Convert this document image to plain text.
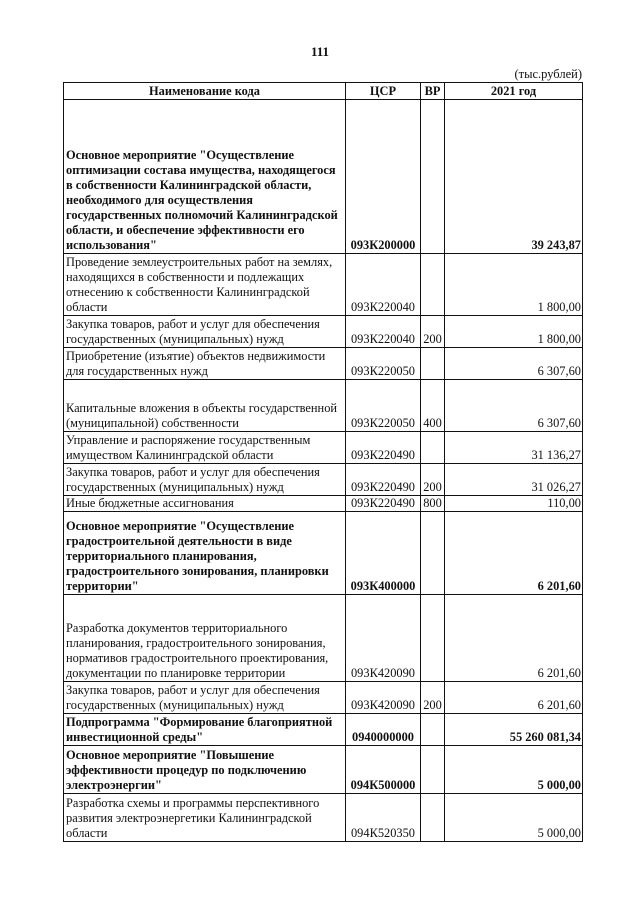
111
(тыс.рублей)
Наименование кода	ЦСР	ВР	2021 год
Основное мероприятие "Осуществление оптимизации состава имущества, находящегося в собственности Калининградской области, необходимого для осуществления государственных полномочий Калининградской области, и обеспечение эффективности его использования"	093К200000		39 243,87
Проведение землеустроительных работ на землях, находящихся в собственности и подлежащих отнесению к собственности Калининградской области	093К220040		1 800,00
Закупка товаров, работ и услуг для обеспечения государственных (муниципальных) нужд	093К220040	200	1 800,00
Приобретение (изъятие) объектов недвижимости для государственных нужд	093К220050		6 307,60
Капитальные вложения в объекты государственной (муниципальной) собственности	093К220050	400	6 307,60
Управление и распоряжение государственным имуществом Калининградской области	093К220490		31 136,27
Закупка товаров, работ и услуг для обеспечения государственных (муниципальных) нужд	093К220490	200	31 026,27
Иные бюджетные ассигнования	093К220490	800	110,00
Основное мероприятие "Осуществление градостроительной деятельности в виде территориального планирования, градостроительного зонирования, планировки территории"	093К400000		6 201,60
Разработка документов территориального планирования, градостроительного зонирования, нормативов градостроительного проектирования, документации по планировке территории	093К420090		6 201,60
Закупка товаров, работ и услуг для обеспечения государственных (муниципальных) нужд	093К420090	200	6 201,60
Подпрограмма "Формирование благоприятной инвестиционной среды"	0940000000		55 260 081,34
Основное мероприятие "Повышение эффективности процедур по подключению электроэнергии"	094К500000		5 000,00
Разработка схемы и программы перспективного развития электроэнергетики Калининградской области	094К520350		5 000,00
